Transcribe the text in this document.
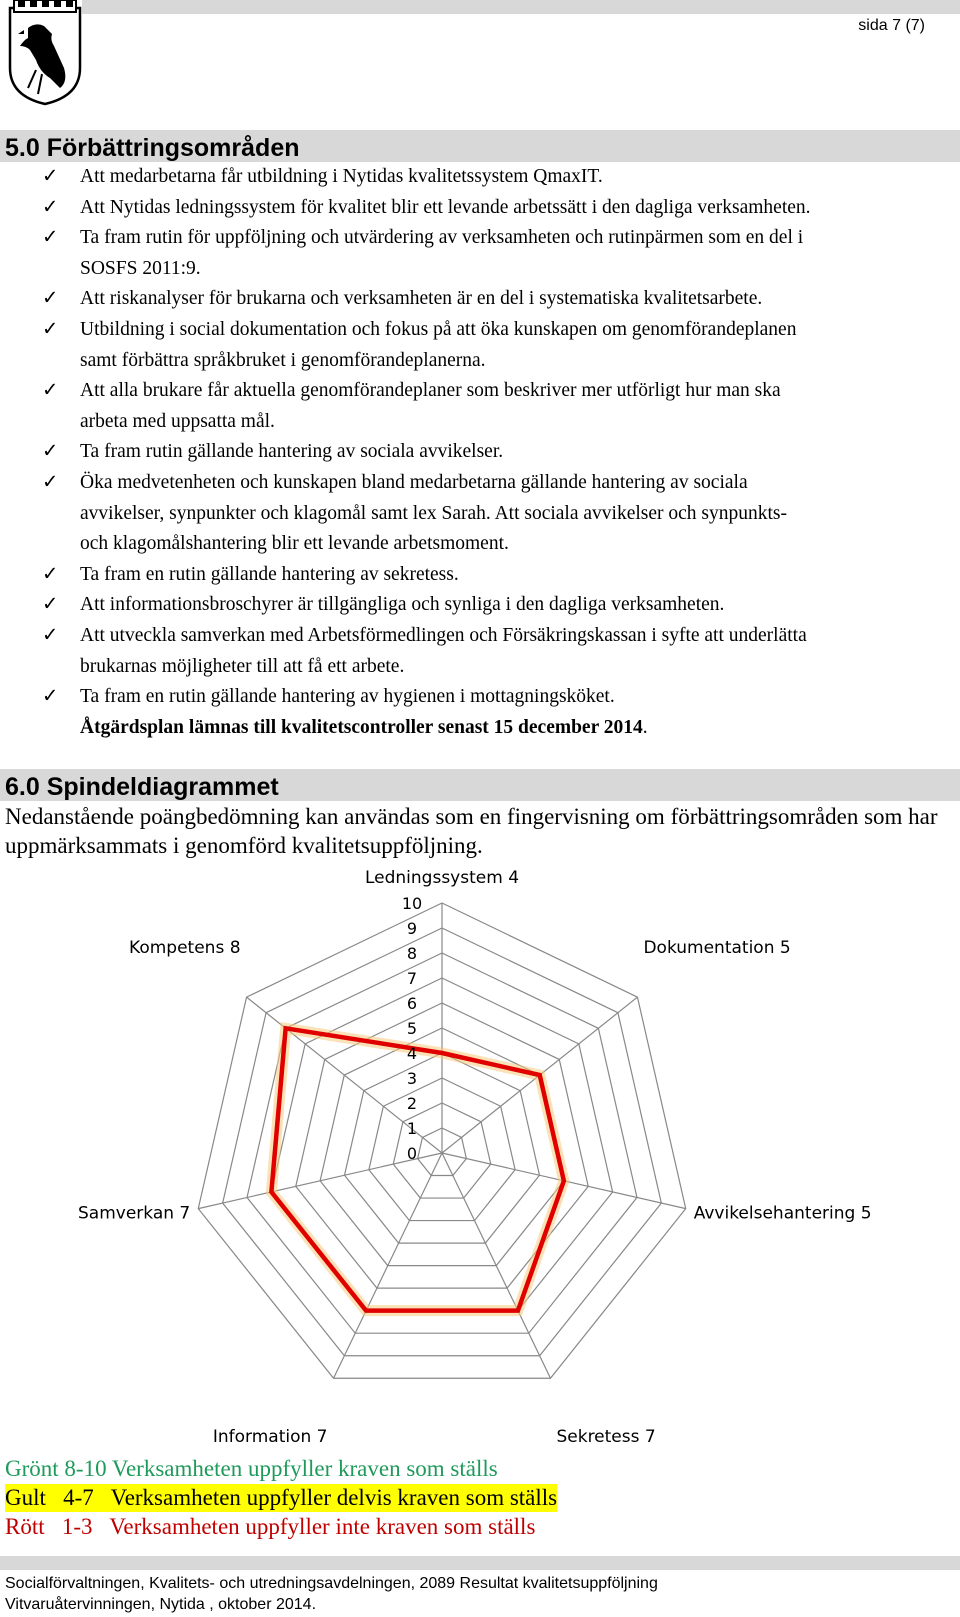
sida 7 (7)
5.0 Förbättringsområden
✓ Att medarbetarna får utbildning i Nytidas kvalitetssystem QmaxIT.
✓ Att Nytidas ledningssystem för kvalitet blir ett levande arbetssätt i den dagliga verksamheten.
✓ Ta fram rutin för uppföljning och utvärdering av verksamheten och rutinpärmen som en del i
SOSFS 2011:9.
✓ Att riskanalyser för brukarna och verksamheten är en del i systematiska kvalitetsarbete.
✓ Utbildning i social dokumentation och fokus på att öka kunskapen om genomförandeplanen
samt förbättra språkbruket i genomförandeplanerna.
✓ Att alla brukare får aktuella genomförandeplaner som beskriver mer utförligt hur man ska
arbeta med uppsatta mål.
✓ Ta fram rutin gällande hantering av sociala avvikelser.
✓ Öka medvetenheten och kunskapen bland medarbetarna gällande hantering av sociala
avvikelser, synpunkter och klagomål samt lex Sarah. Att sociala avvikelser och synpunkts-
och klagomålshantering blir ett levande arbetsmoment.
✓ Ta fram en rutin gällande hantering av sekretess.
✓ Att informationsbroschyrer är tillgängliga och synliga i den dagliga verksamheten.
✓ Att utveckla samverkan med Arbetsförmedlingen och Försäkringskassan i syfte att underlätta
brukarnas möjligheter till att få ett arbete.
✓ Ta fram en rutin gällande hantering av hygienen i mottagningsköket.
Åtgärdsplan lämnas till kvalitetscontroller senast 15 december 2014.
6.0 Spindeldiagrammet
Nedanstående poängbedömning kan användas som en fingervisning om förbättringsområden som har uppmärksammats i genomförd kvalitetsuppföljning.
0
1
2
3
4
5
6
7
8
9
10
Ledningssystem 4
Dokumentation 5
Avvikelsehantering 5
Sekretess 7
Information 7
Samverkan 7
Kompetens 8
Grönt 8-10 Verksamheten uppfyller kraven som ställs
Gult   4-7   Verksamheten uppfyller delvis kraven som ställs
Rött   1-3   Verksamheten uppfyller inte kraven som ställs
Socialförvaltningen, Kvalitets- och utredningsavdelningen, 2089 Resultat kvalitetsuppföljning
Vitvaruåtervinningen, Nytida , oktober 2014.
